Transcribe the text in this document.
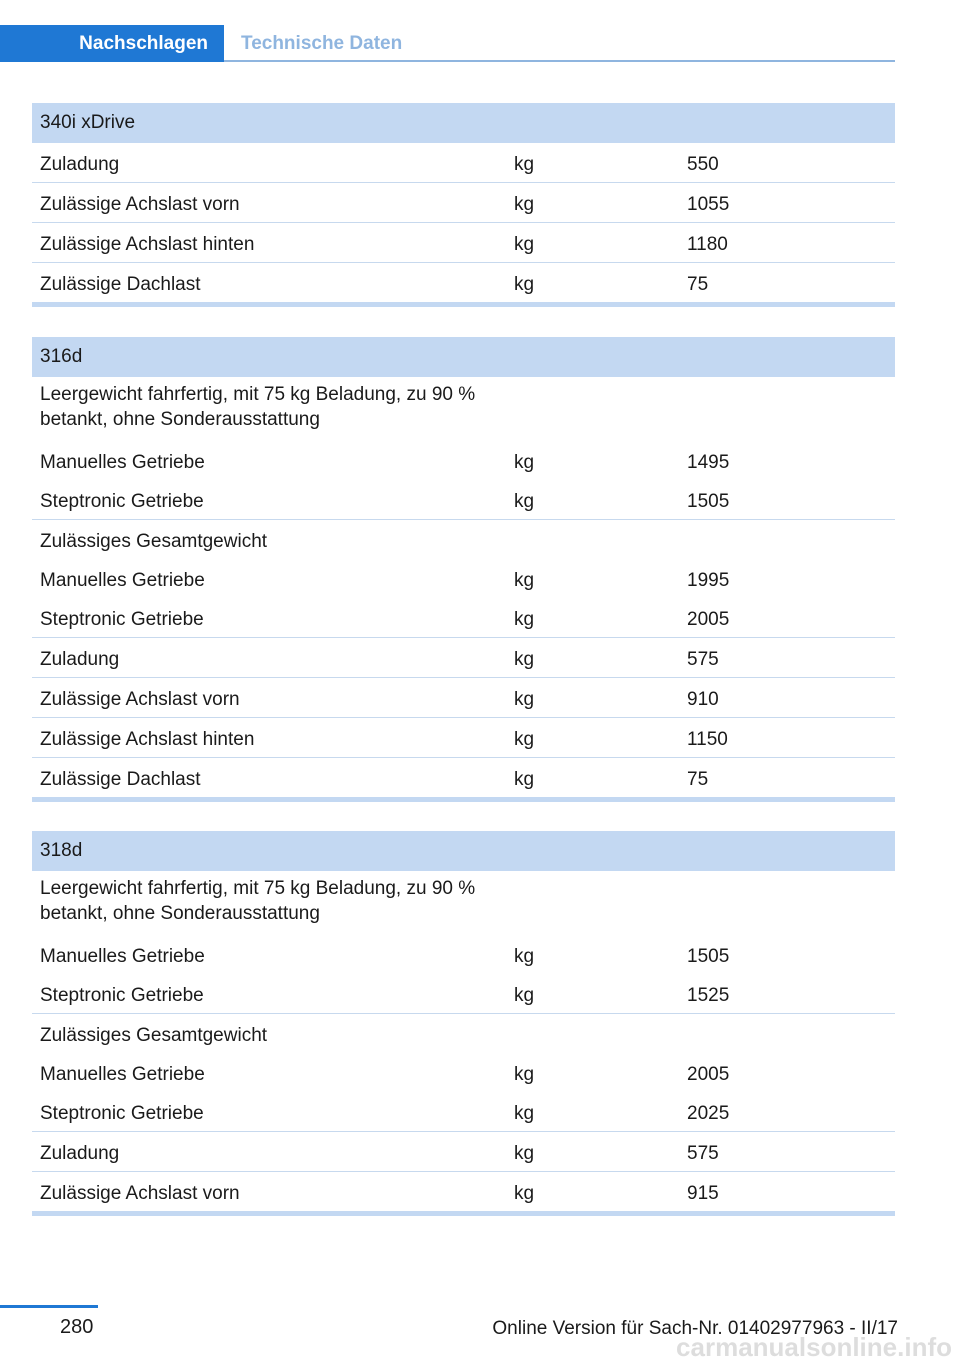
Nachschlagen Technische Daten
340i xDrive
Zuladung	kg	550
Zulässige Achslast vorn	kg	1055
Zulässige Achslast hinten	kg	1180
Zulässige Dachlast	kg	75
316d
Leergewicht fahrfertig, mit 75 kg Beladung, zu 90 % betankt, ohne Sonderausstattung
Manuelles Getriebe	kg	1495
Steptronic Getriebe	kg	1505
Zulässiges Gesamtgewicht
Manuelles Getriebe	kg	1995
Steptronic Getriebe	kg	2005
Zuladung	kg	575
Zulässige Achslast vorn	kg	910
Zulässige Achslast hinten	kg	1150
Zulässige Dachlast	kg	75
318d
Leergewicht fahrfertig, mit 75 kg Beladung, zu 90 % betankt, ohne Sonderausstattung
Manuelles Getriebe	kg	1505
Steptronic Getriebe	kg	1525
Zulässiges Gesamtgewicht
Manuelles Getriebe	kg	2005
Steptronic Getriebe	kg	2025
Zuladung	kg	575
Zulässige Achslast vorn	kg	915
280	Online Version für Sach-Nr. 01402977963 - II/17
carmanualsonline.info
